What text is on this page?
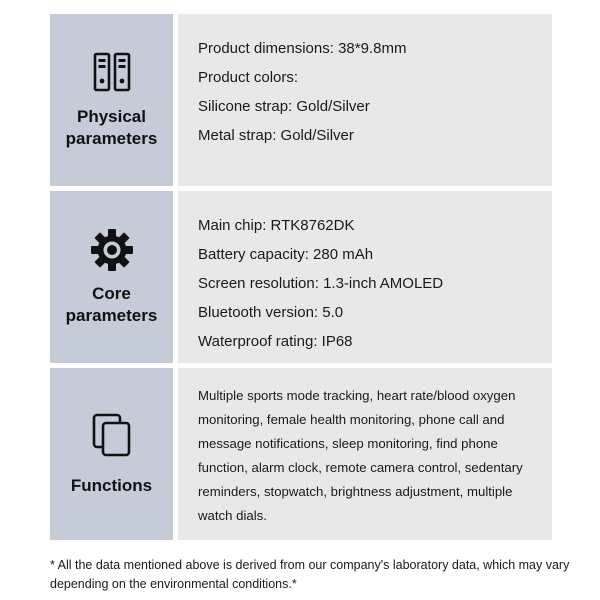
Physical
parameters
Product dimensions: 38*9.8mm
Product colors:
Silicone strap: Gold/Silver
Metal strap: Gold/Silver
Core
parameters
Main chip: RTK8762DK
Battery capacity: 280 mAh
Screen resolution: 1.3-inch AMOLED
Bluetooth version: 5.0
Waterproof rating: IP68
Functions

Multiple sports mode tracking, heart rate/blood oxygen monitoring, female health monitoring, phone call and message notifications, sleep monitoring, find phone function, alarm clock, remote camera control, sedentary reminders, stopwatch, brightness adjustment, multiple watch dials.

* All the data mentioned above is derived from our company's laboratory data, which may vary depending on the environmental conditions.*
